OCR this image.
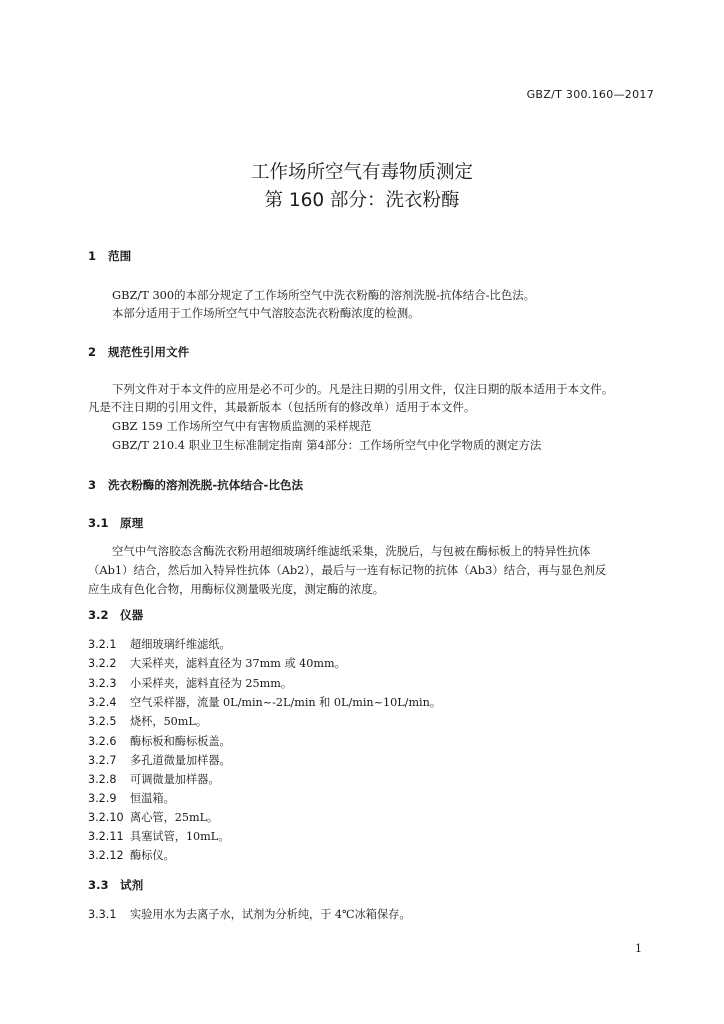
GBZ/T 300.160—2017
工作场所空气有毒物质测定
第 160 部分：洗衣粉酶
1 范围
GBZ/T 300的本部分规定了工作场所空气中洗衣粉酶的溶剂洗脱-抗体结合-比色法。
本部分适用于工作场所空气中气溶胶态洗衣粉酶浓度的检测。
2 规范性引用文件
下列文件对于本文件的应用是必不可少的。凡是注日期的引用文件，仅注日期的版本适用于本文件。
凡是不注日期的引用文件，其最新版本（包括所有的修改单）适用于本文件。
GBZ 159 工作场所空气中有害物质监测的采样规范
GBZ/T 210.4 职业卫生标准制定指南 第4部分：工作场所空气中化学物质的测定方法
3 洗衣粉酶的溶剂洗脱-抗体结合-比色法
3.1 原理
空气中气溶胶态含酶洗衣粉用超细玻璃纤维滤纸采集，洗脱后，与包被在酶标板上的特异性抗体
（Ab1）结合，然后加入特异性抗体（Ab2），最后与一连有标记物的抗体（Ab3）结合，再与显色剂反
应生成有色化合物，用酶标仪测量吸光度，测定酶的浓度。
3.2 仪器
3.2.1 超细玻璃纤维滤纸。
3.2.2 大采样夹，滤料直径为 37mm 或 40mm。
3.2.3 小采样夹，滤料直径为 25mm。
3.2.4 空气采样器，流量 0L/min~-2L/min 和 0L/min~10L/min。
3.2.5 烧杯，50mL。
3.2.6 酶标板和酶标板盖。
3.2.7 多孔道微量加样器。
3.2.8 可调微量加样器。
3.2.9 恒温箱。
3.2.10 离心管，25mL。
3.2.11 具塞试管，10mL。
3.2.12 酶标仪。
3.3 试剂
3.3.1 实验用水为去离子水，试剂为分析纯，于 4℃冰箱保存。
1
